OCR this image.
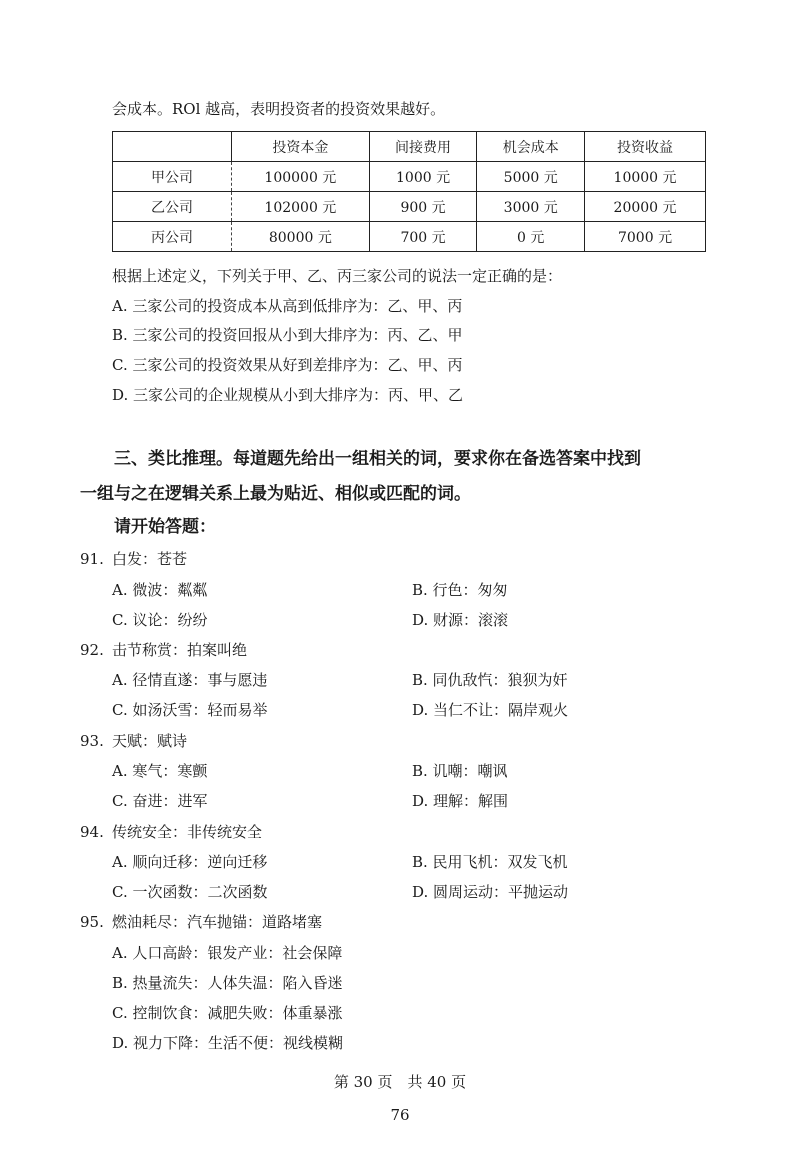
会成本。ROl 越高，表明投资者的投资效果越好。
	投资本金	间接费用	机会成本	投资收益
甲公司	100000 元	1000 元	5000 元	10000 元
乙公司	102000 元	900 元	3000 元	20000 元
丙公司	80000 元	700 元	0 元	7000 元
根据上述定义，下列关于甲、乙、丙三家公司的说法一定正确的是：
A. 三家公司的投资成本从高到低排序为：乙、甲、丙
B. 三家公司的投资回报从小到大排序为：丙、乙、甲
C. 三家公司的投资效果从好到差排序为：乙、甲、丙
D. 三家公司的企业规模从小到大排序为：丙、甲、乙
三、类比推理。每道题先给出一组相关的词，要求你在备选答案中找到
一组与之在逻辑关系上最为贴近、相似或匹配的词。
请开始答题：
91. 白发：苍苍
A. 微波：粼粼	B. 行色：匆匆
C. 议论：纷纷	D. 财源：滚滚
92. 击节称赏：拍案叫绝
A. 径情直遂：事与愿违	B. 同仇敌忾：狼狈为奸
C. 如汤沃雪：轻而易举	D. 当仁不让：隔岸观火
93. 天赋：赋诗
A. 寒气：寒颤	B. 讥嘲：嘲讽
C. 奋进：进军	D. 理解：解围
94. 传统安全：非传统安全
A. 顺向迁移：逆向迁移	B. 民用飞机：双发飞机
C. 一次函数：二次函数	D. 圆周运动：平抛运动
95. 燃油耗尽：汽车抛锚：道路堵塞
A. 人口高龄：银发产业：社会保障
B. 热量流失：人体失温：陷入昏迷
C. 控制饮食：减肥失败：体重暴涨
D. 视力下降：生活不便：视线模糊
第 30 页　共 40 页
76
